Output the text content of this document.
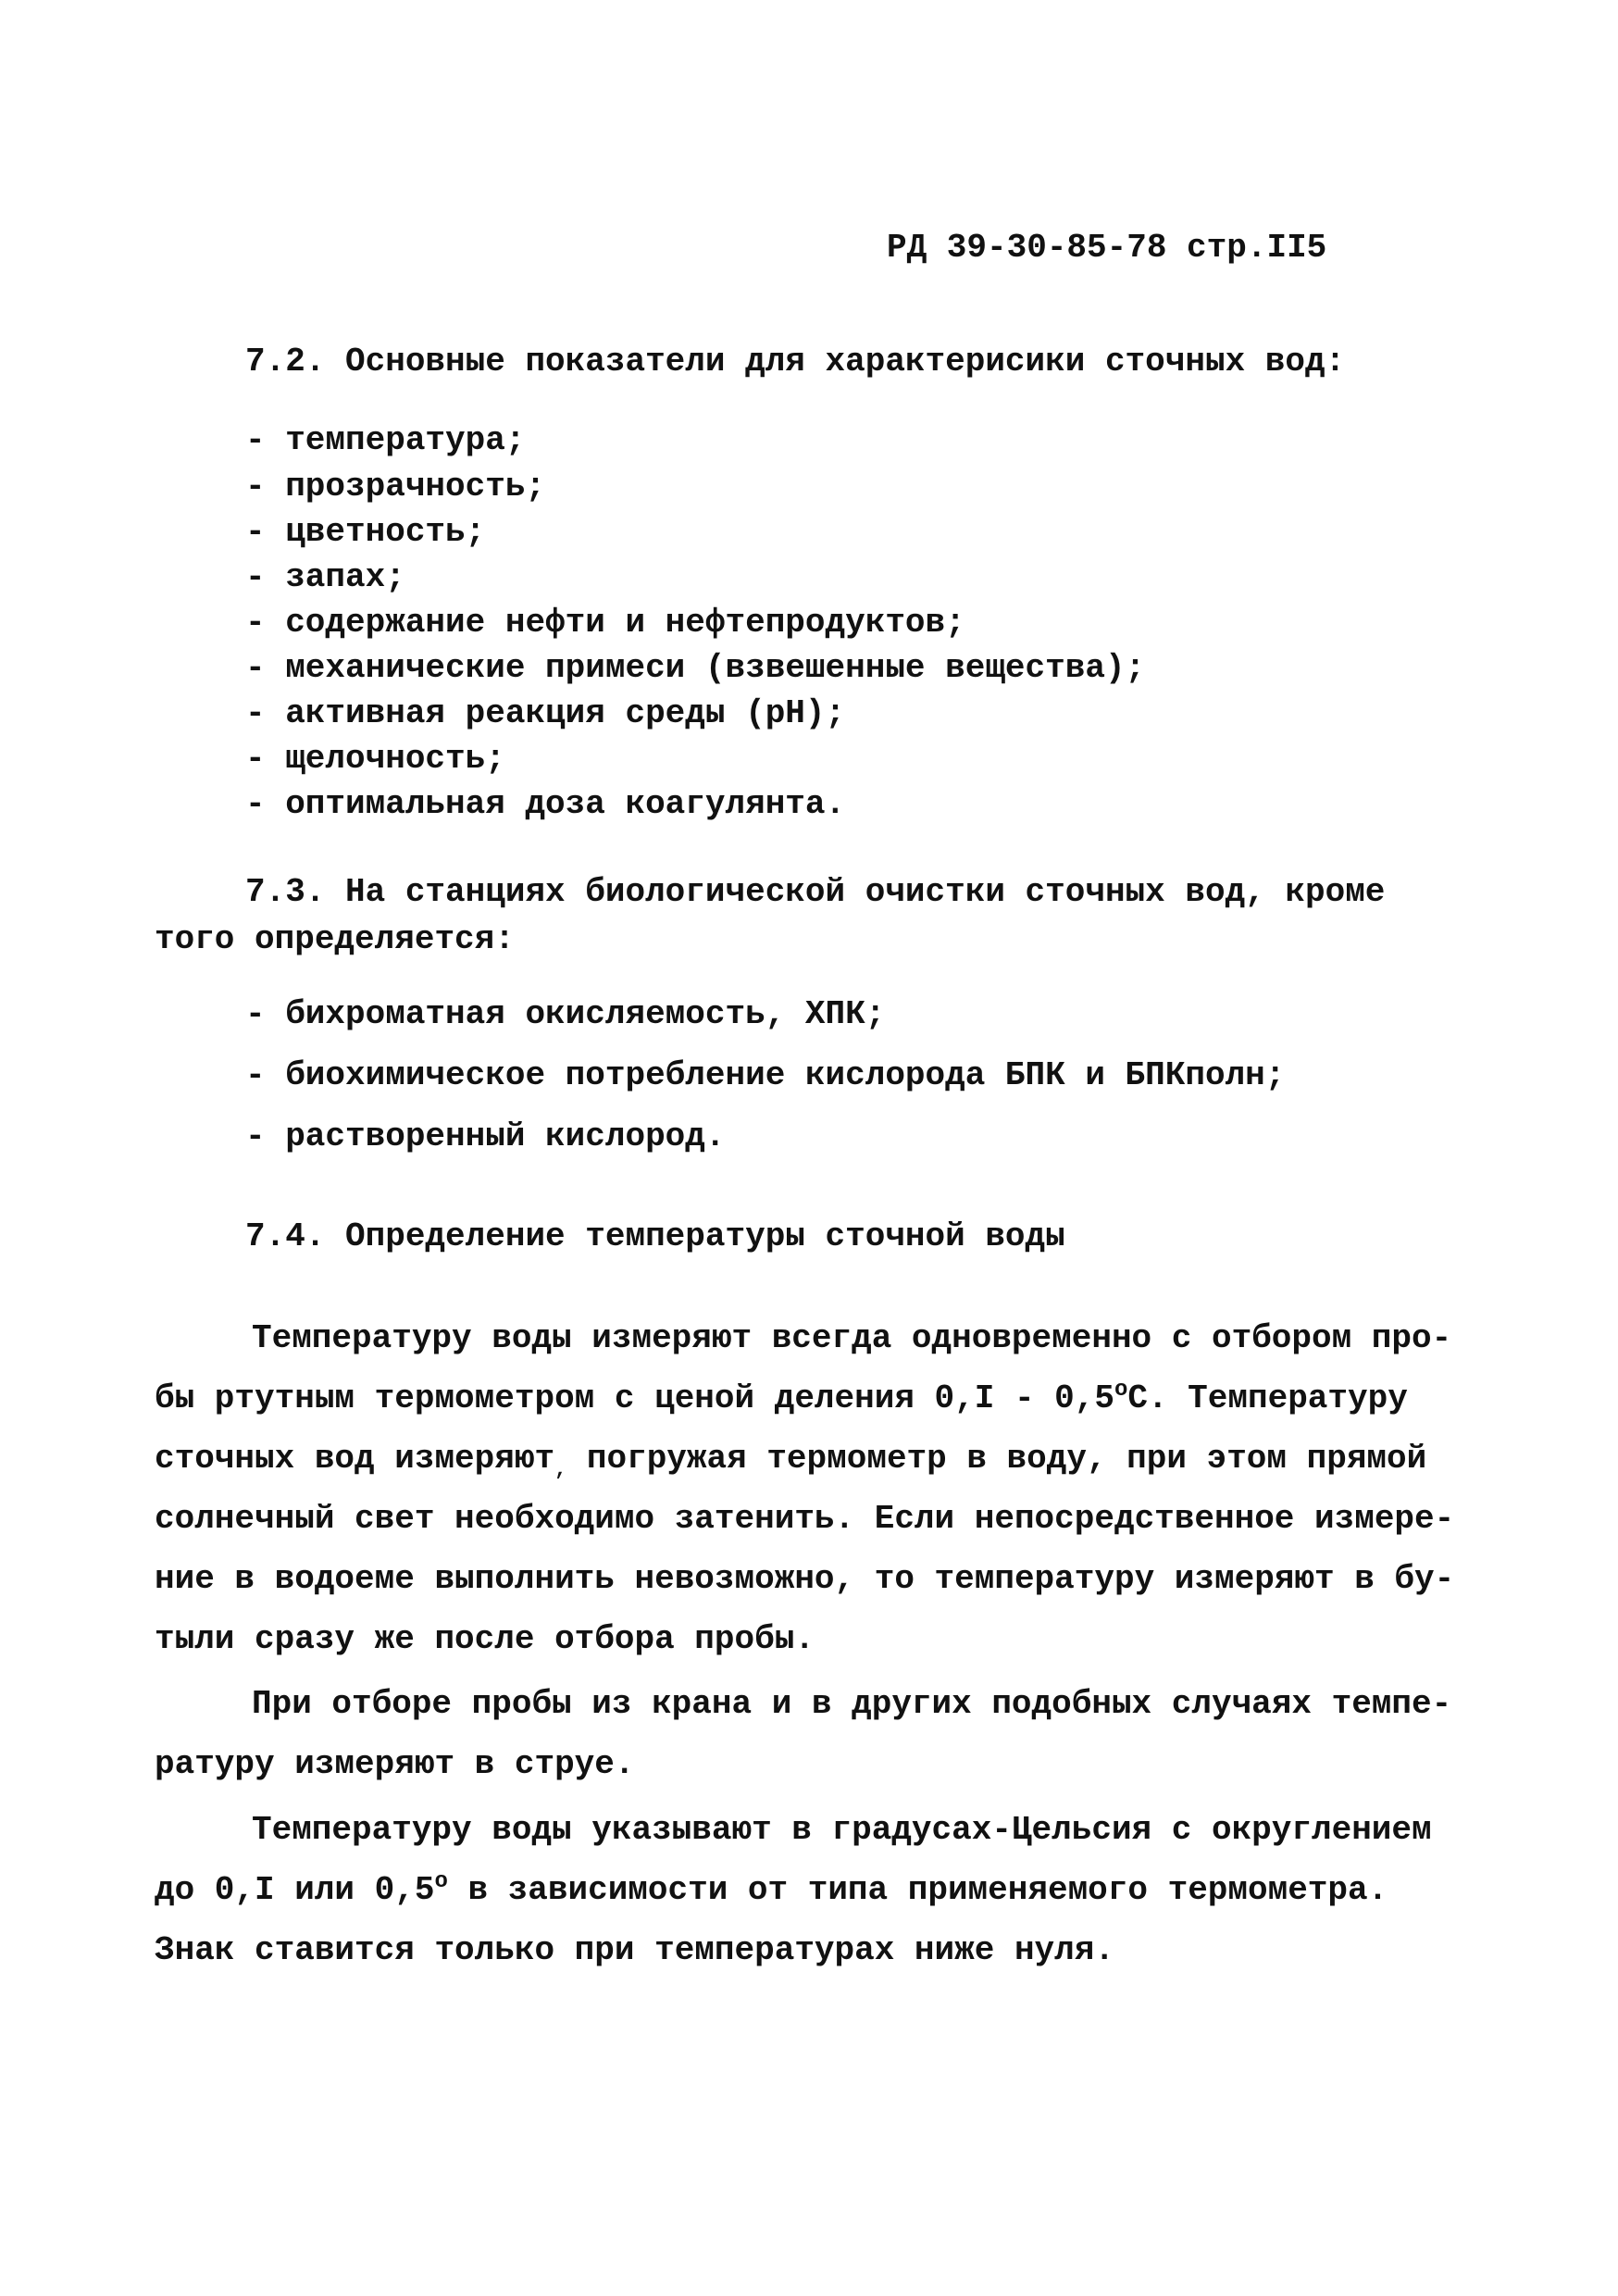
РД 39-30-85-78 стр.II5
7.2. Основные показатели для характерисики сточных вод:
- температура;
- прозрачность;
- цветность;
- запах;
- содержание нефти и нефтепродуктов;
- механические примеси (взвешенные вещества);
- активная реакция среды (pH);
- щелочность;
- оптимальная доза коагулянта.
7.3. На станциях биологической очистки сточных вод, кроме
того определяется:
- бихроматная окисляемость, ХПК;
- биохимическое потребление кислорода БПК и БПКполн;
- растворенный кислород.
7.4. Определение температуры сточной воды
Температуру воды измеряют всегда одновременно с отбором про-
бы ртутным термометром с ценой деления 0,I - 0,5$^o$С. Температуру
сточных вод измеряют$_,$ погружая термометр в воду, при этом прямой
солнечный свет необходимо затенить. Если непосредственное измере-
ние в водоеме выполнить невозможно, то температуру измеряют в бу-
тыли сразу же после отбора пробы.
При отборе пробы из крана и в других подобных случаях темпе-
ратуру измеряют в струе.
Температуру воды указывают в градусах-Цельсия с округлением
до 0,I или 0,5$^o$ в зависимости от типа применяемого термометра.
Знак ставится только при температурах ниже нуля.
